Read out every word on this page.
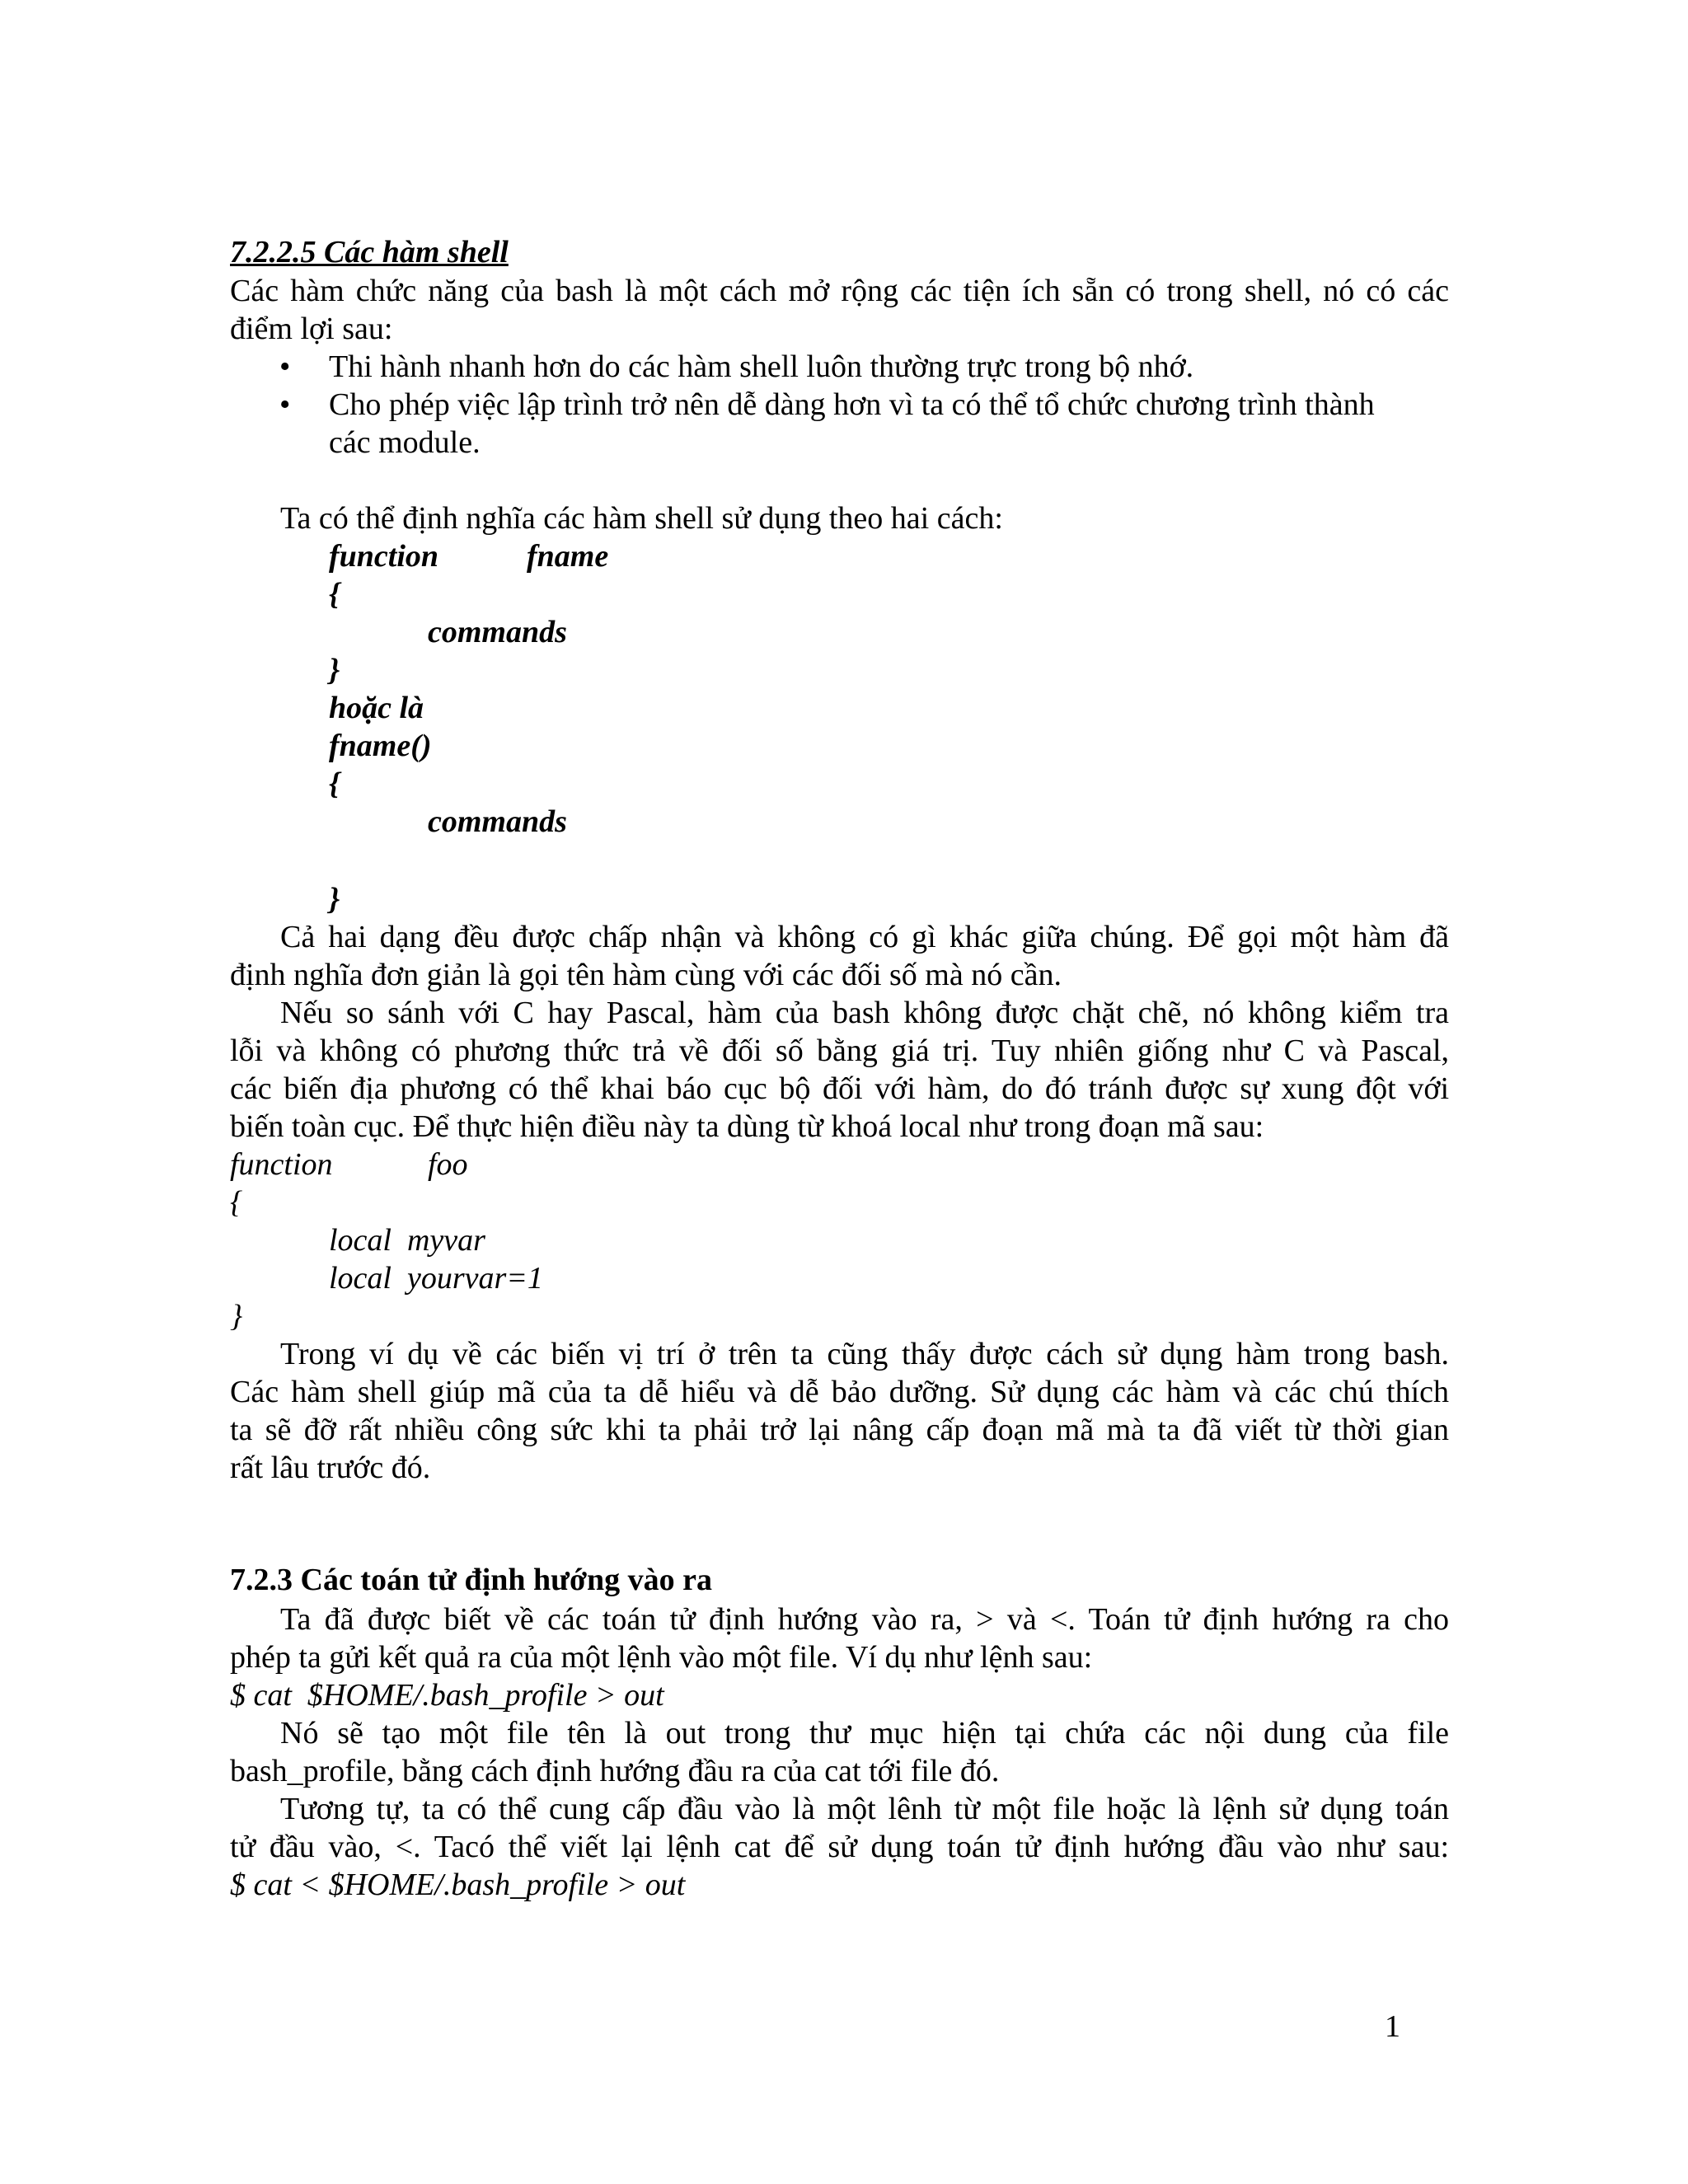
7.2.2.5 Các hàm shell
Các hàm chức năng của bash là một cách mở rộng các tiện ích sẵn có trong shell, nó có các
điểm lợi sau:
• Thi hành nhanh hơn do các hàm shell luôn thường trực trong bộ nhớ.
• Cho phép việc lập trình trở nên dễ dàng hơn vì ta có thể tổ chức chương trình thành
các module.
Ta có thể định nghĩa các hàm shell sử dụng theo hai cách:
function	fname
{
commands
}
hoặc là
fname()
{
commands
}
Cả hai dạng đều được chấp nhận và không có gì khác giữa chúng. Để gọi một hàm đã
định nghĩa đơn giản là gọi tên hàm cùng với các đối số mà nó cần.
Nếu so sánh với C hay Pascal, hàm của bash không được chặt chẽ, nó không kiểm tra
lỗi và không có phương thức trả về đối số bằng giá trị. Tuy nhiên giống như C và Pascal,
các biến địa phương có thể khai báo cục bộ đối với hàm, do đó tránh được sự xung đột với
biến toàn cục. Để thực hiện điều này ta dùng từ khoá local như trong đoạn mã sau:
function	foo
{
local  myvar
local  yourvar=1
}
Trong ví dụ về các biến vị trí ở trên ta cũng thấy được cách sử dụng hàm trong bash.
Các hàm shell giúp mã của ta dễ hiểu và dễ bảo dưỡng. Sử dụng các hàm và các chú thích
ta sẽ đỡ rất nhiều công sức khi ta phải trở lại nâng cấp đoạn mã mà ta đã viết từ thời gian
rất lâu trước đó.
7.2.3 Các toán tử định hướng vào ra
Ta đã được biết về các toán tử định hướng vào ra, > và <. Toán tử định hướng ra cho
phép ta gửi kết quả ra của một lệnh vào một file. Ví dụ như lệnh sau:
$ cat  $HOME/.bash_profile > out
Nó sẽ tạo một file tên là out trong thư mục hiện tại chứa các nội dung của file
bash_profile, bằng cách định hướng đầu ra của cat tới file đó.
Tương tự, ta có thể cung cấp đầu vào là một lênh từ một file hoặc là lệnh sử dụng toán
tử đầu vào, <. Tacó thể viết lại lệnh cat để sử dụng toán tử định hướng đầu vào như sau:
$ cat < $HOME/.bash_profile > out
1
